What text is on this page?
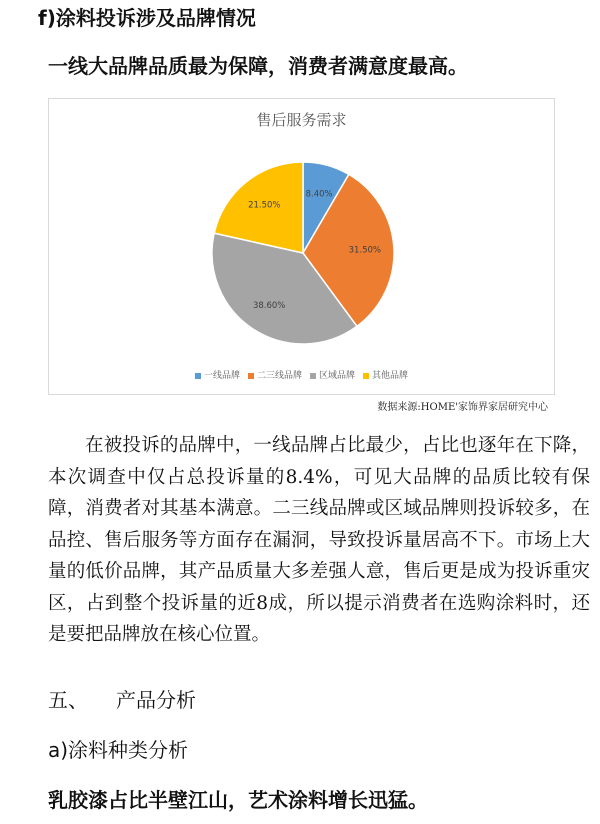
f)涂料投诉涉及品牌情况
一线大品牌品质最为保障，消费者满意度最高。
售后服务需求
8.40%
31.50%
38.60%
21.50%
一线品牌 二三线品牌 区域品牌 其他品牌
数据来源:HOME'家饰界家居研究中心
在被投诉的品牌中，一线品牌占比最少，占比也逐年在下降，本次调查中仅占总投诉量的8.4%，可见大品牌的品质比较有保障，消费者对其基本满意。二三线品牌或区域品牌则投诉较多，在品控、售后服务等方面存在漏洞，导致投诉量居高不下。市场上大量的低价品牌，其产品质量大多差强人意，售后更是成为投诉重灾区，占到整个投诉量的近8成，所以提示消费者在选购涂料时，还是要把品牌放在核心位置。
五、 产品分析
a)涂料种类分析
乳胶漆占比半壁江山，艺术涂料增长迅猛。
